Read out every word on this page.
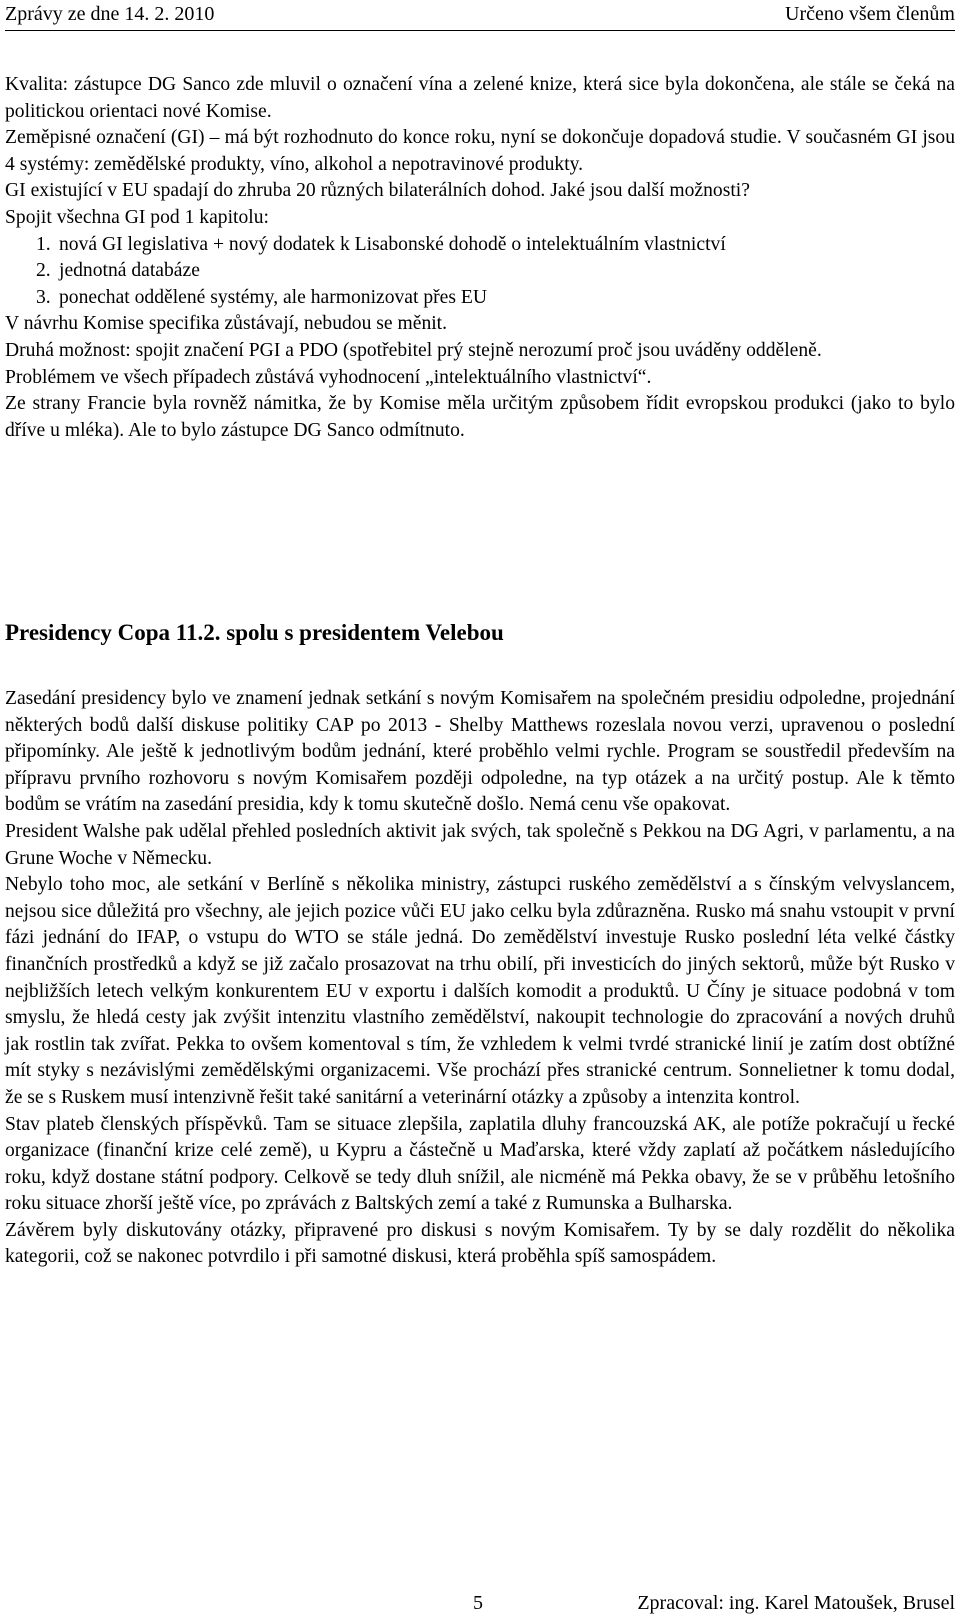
Zprávy ze dne 14. 2. 2010	Určeno všem členům

Kvalita: zástupce DG Sanco zde mluvil o označení vína a zelené knize, která sice byla dokončena, ale stále se čeká na politickou orientaci nové Komise.

Zeměpisné označení (GI) – má být rozhodnuto do konce roku, nyní se dokončuje dopadová studie. V současném GI jsou 4 systémy: zemědělské produkty, víno, alkohol a nepotravinové produkty.

GI existující v EU spadají do zhruba 20 různých bilaterálních dohod. Jaké jsou další možnosti?

Spojit všechna GI pod 1 kapitolu:

1. nová GI legislativa + nový dodatek k Lisabonské dohodě o intelektuálním vlastnictví

2. jednotná databáze

3. ponechat oddělené systémy, ale harmonizovat přes EU

V návrhu Komise specifika zůstávají, nebudou se měnit.

Druhá možnost: spojit značení PGI a PDO (spotřebitel prý stejně nerozumí proč jsou uváděny odděleně.

Problémem ve všech případech zůstává vyhodnocení „intelektuálního vlastnictví“.

Ze strany Francie byla rovněž námitka, že by Komise měla určitým způsobem řídit evropskou produkci (jako to bylo dříve u mléka). Ale to bylo zástupce DG Sanco odmítnuto.

Presidency Copa 11.2. spolu s presidentem Velebou

Zasedání presidency bylo ve znamení jednak setkání s novým Komisařem na společném presidiu odpoledne, projednání některých bodů další diskuse politiky CAP po 2013 - Shelby Matthews rozeslala novou verzi, upravenou o poslední připomínky. Ale ještě k jednotlivým bodům jednání, které proběhlo velmi rychle. Program se soustředil především na přípravu prvního rozhovoru s novým Komisařem později odpoledne, na typ otázek a na určitý postup. Ale k těmto bodům se vrátím na zasedání presidia, kdy k tomu skutečně došlo. Nemá cenu vše opakovat.

President Walshe pak udělal přehled posledních aktivit jak svých, tak společně s Pekkou na DG Agri, v parlamentu, a na Grune Woche v Německu.

Nebylo toho moc, ale setkání v Berlíně s několika ministry, zástupci ruského zemědělství a s čínským velvyslancem, nejsou sice důležitá pro všechny, ale jejich pozice vůči EU jako celku byla zdůrazněna. Rusko má snahu vstoupit v první fázi jednání do IFAP, o vstupu do WTO se stále jedná. Do zemědělství investuje Rusko poslední léta velké částky finančních prostředků a když se již začalo prosazovat na trhu obilí, při investicích do jiných sektorů, může být Rusko v nejbližších letech velkým konkurentem EU v exportu i dalších komodit a produktů. U Číny je situace podobná v tom smyslu, že hledá cesty jak zvýšit intenzitu vlastního zemědělství, nakoupit technologie do zpracování a nových druhů jak rostlin tak zvířat. Pekka to ovšem komentoval s tím, že vzhledem k velmi tvrdé stranické linií je zatím dost obtížné mít styky s nezávislými zemědělskými organizacemi. Vše prochází přes stranické centrum. Sonnelietner k tomu dodal, že se s Ruskem musí intenzivně řešit také sanitární a veterinární otázky a způsoby a intenzita kontrol.

Stav plateb členských příspěvků. Tam se situace zlepšila, zaplatila dluhy francouzská AK, ale potíže pokračují u řecké organizace (finanční krize celé země), u Kypru a částečně u Maďarska, které vždy zaplatí až počátkem následujícího roku, když dostane státní podpory. Celkově se tedy dluh snížil, ale nicméně má Pekka obavy, že se v průběhu letošního roku situace zhorší ještě více, po zprávách z Baltských zemí a také z Rumunska a Bulharska.

Závěrem byly diskutovány otázky, připravené pro diskusi s novým Komisařem. Ty by se daly rozdělit do několika kategorii, což se nakonec potvrdilo i při samotné diskusi, která proběhla spíš samospádem.

5	Zpracoval: ing. Karel Matoušek, Brusel
